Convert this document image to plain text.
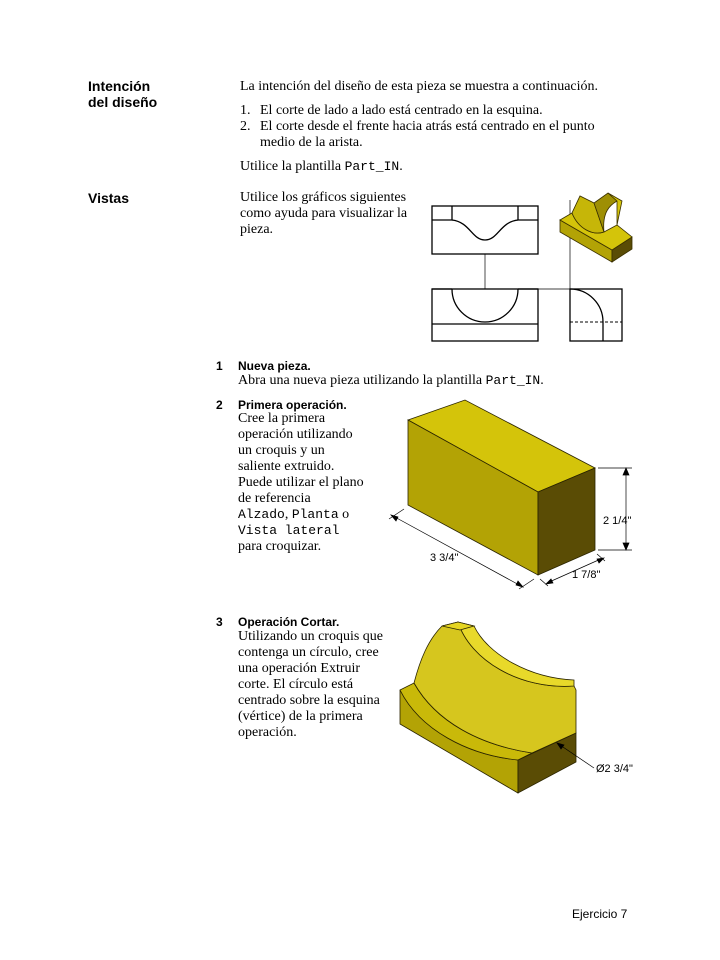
Intención
del diseño
La intención del diseño de esta pieza se muestra a continuación.
1. El corte de lado a lado está centrado en la esquina.
2. El corte desde el frente hacia atrás está centrado en el punto medio de la arista.
Utilice la plantilla Part_IN.
Vistas	Utilice los gráficos siguientes como ayuda para visualizar la pieza.
1 Nueva pieza.
Abra una nueva pieza utilizando la plantilla Part_IN.
2 Primera operación.
Cree la primera operación utilizando un croquis y un saliente extruido. Puede utilizar el plano de referencia
Alzado, Planta o
Vista lateral
para croquizar.
2 1/4"
3 3/4"
1 7/8"
3 Operación Cortar.
Utilizando un croquis que contenga un círculo, cree una operación Extruir corte. El círculo está centrado sobre la esquina (vértice) de la primera operación.
Ø2 3/4"
Ejercicio 7
